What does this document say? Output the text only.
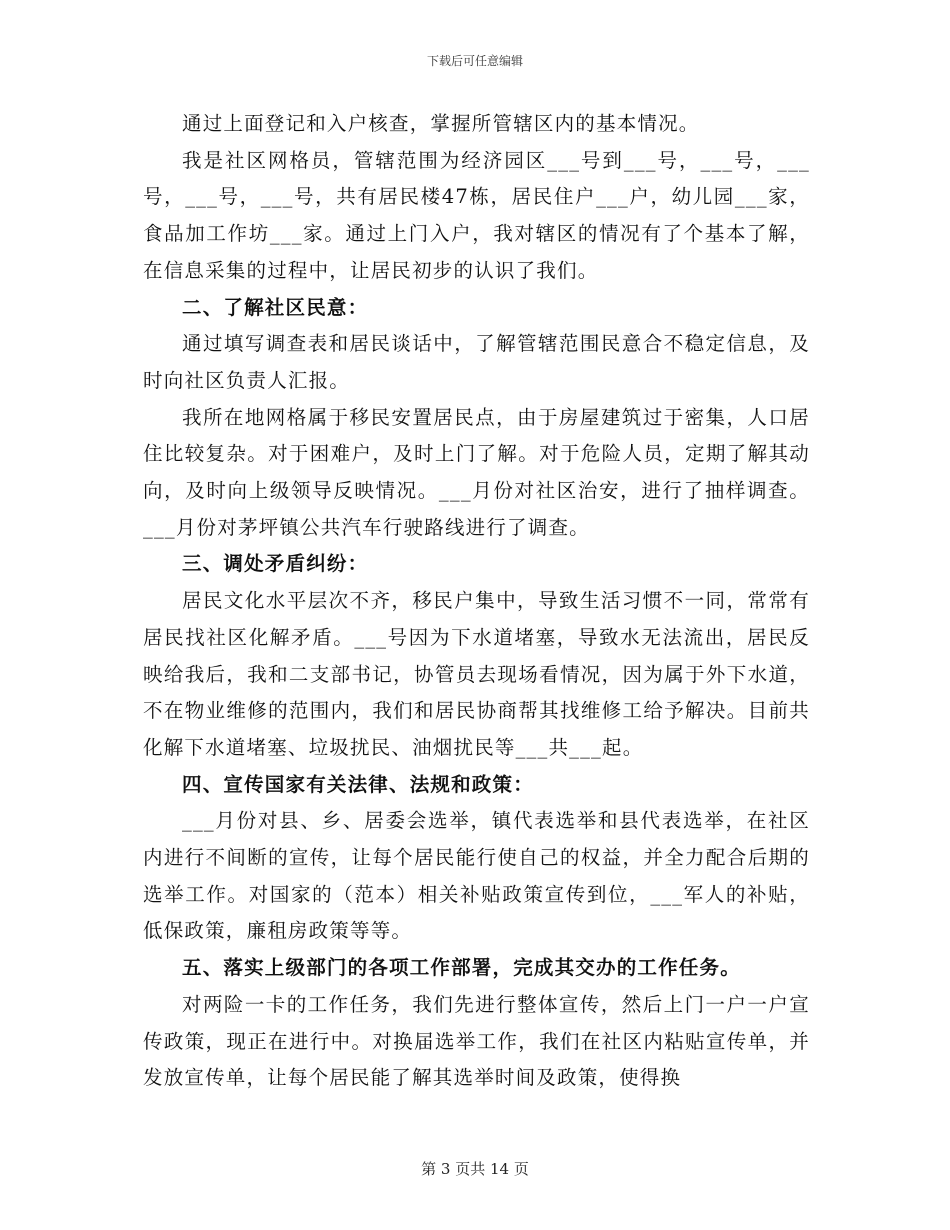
下载后可任意编辑

通过上面登记和入户核查，掌握所管辖区内的基本情况。

我是社区网格员，管辖范围为经济园区___号到___号，___号，___号，___号，___号，共有居民楼47栋，居民住户___户，幼儿园___家，食品加工作坊___家。通过上门入户，我对辖区的情况有了个基本了解，在信息采集的过程中，让居民初步的认识了我们。

二、了解社区民意：

通过填写调查表和居民谈话中，了解管辖范围民意合不稳定信息，及时向社区负责人汇报。

我所在地网格属于移民安置居民点，由于房屋建筑过于密集，人口居住比较复杂。对于困难户，及时上门了解。对于危险人员，定期了解其动向，及时向上级领导反映情况。___月份对社区治安，进行了抽样调查。___月份对茅坪镇公共汽车行驶路线进行了调查。

三、调处矛盾纠纷：

居民文化水平层次不齐，移民户集中，导致生活习惯不一同，常常有居民找社区化解矛盾。___号因为下水道堵塞，导致水无法流出，居民反映给我后，我和二支部书记，协管员去现场看情况，因为属于外下水道，不在物业维修的范围内，我们和居民协商帮其找维修工给予解决。目前共化解下水道堵塞、垃圾扰民、油烟扰民等___共___起。

四、宣传国家有关法律、法规和政策：

___月份对县、乡、居委会选举，镇代表选举和县代表选举，在社区内进行不间断的宣传，让每个居民能行使自己的权益，并全力配合后期的选举工作。对国家的（范本）相关补贴政策宣传到位，___军人的补贴，低保政策，廉租房政策等等。

五、落实上级部门的各项工作部署，完成其交办的工作任务。

对两险一卡的工作任务，我们先进行整体宣传，然后上门一户一户宣传政策，现正在进行中。对换届选举工作，我们在社区内粘贴宣传单，并发放宣传单，让每个居民能了解其选举时间及政策，使得换

第 3 页共 14 页
